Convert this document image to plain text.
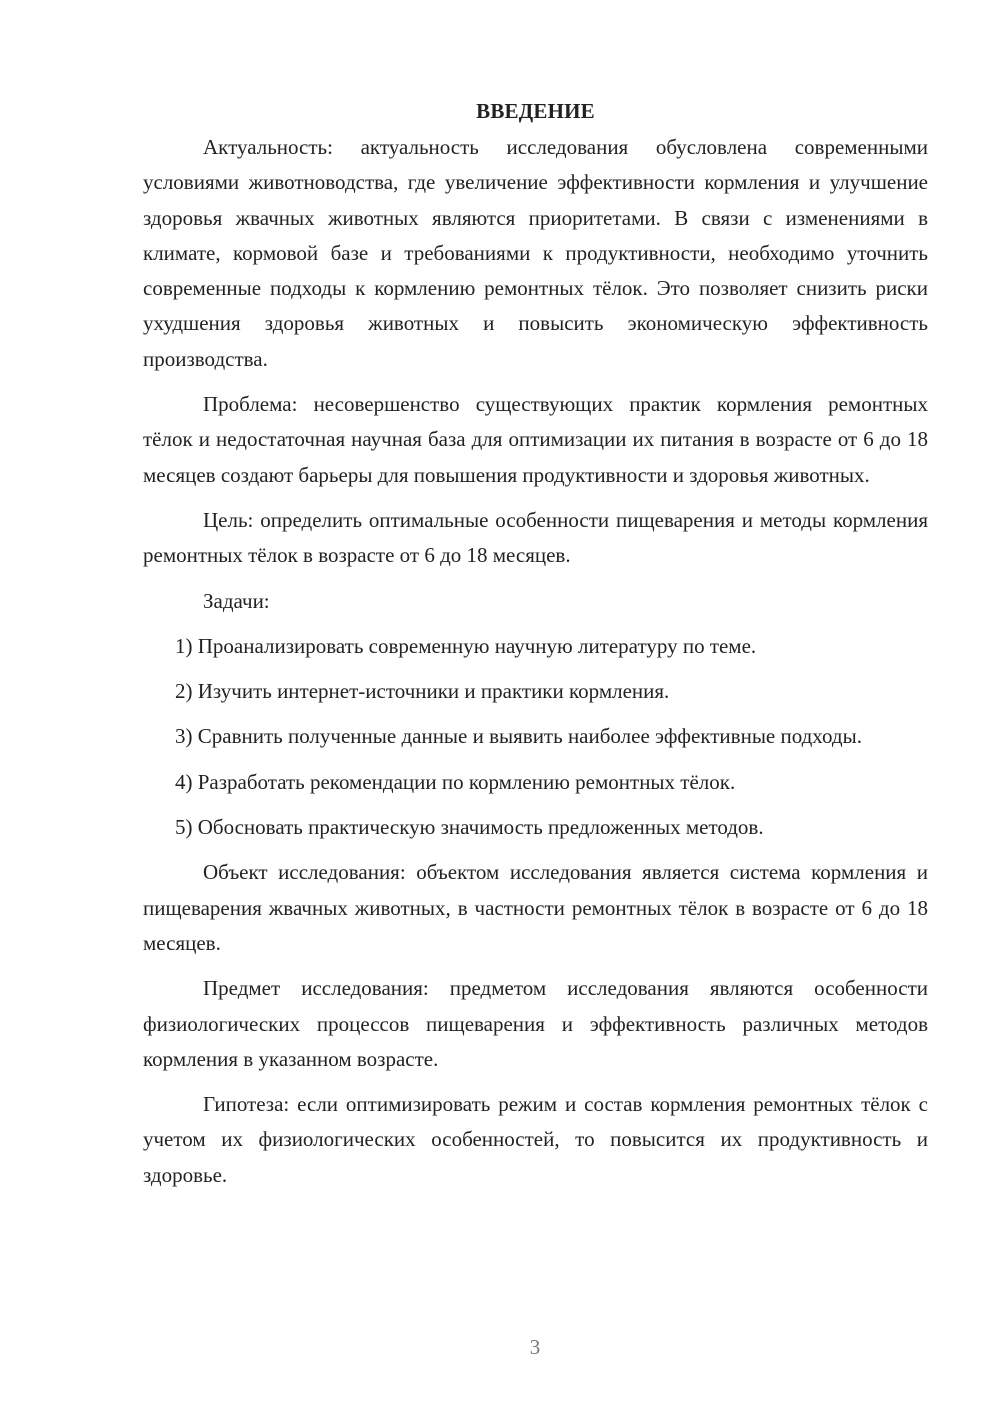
ВВЕДЕНИЕ

Актуальность: актуальность исследования обусловлена современными условиями животноводства, где увеличение эффективности кормления и улучшение здоровья жвачных животных являются приоритетами. В связи с изменениями в климате, кормовой базе и требованиями к продуктивности, необходимо уточнить современные подходы к кормлению ремонтных тёлок. Это позволяет снизить риски ухудшения здоровья животных и повысить экономическую эффективность производства.

Проблема: несовершенство существующих практик кормления ремонтных тёлок и недостаточная научная база для оптимизации их питания в возрасте от 6 до 18 месяцев создают барьеры для повышения продуктивности и здоровья животных.

Цель: определить оптимальные особенности пищеварения и методы кормления ремонтных тёлок в возрасте от 6 до 18 месяцев.

Задачи:

1) Проанализировать современную научную литературу по теме.

2) Изучить интернет-источники и практики кормления.

3) Сравнить полученные данные и выявить наиболее эффективные подходы.

4) Разработать рекомендации по кормлению ремонтных тёлок.

5) Обосновать практическую значимость предложенных методов.

Объект исследования: объектом исследования является система кормления и пищеварения жвачных животных, в частности ремонтных тёлок в возрасте от 6 до 18 месяцев.

Предмет исследования: предметом исследования являются особенности физиологических процессов пищеварения и эффективность различных методов кормления в указанном возрасте.

Гипотеза: если оптимизировать режим и состав кормления ремонтных тёлок с учетом их физиологических особенностей, то повысится их продуктивность и здоровье.

3
